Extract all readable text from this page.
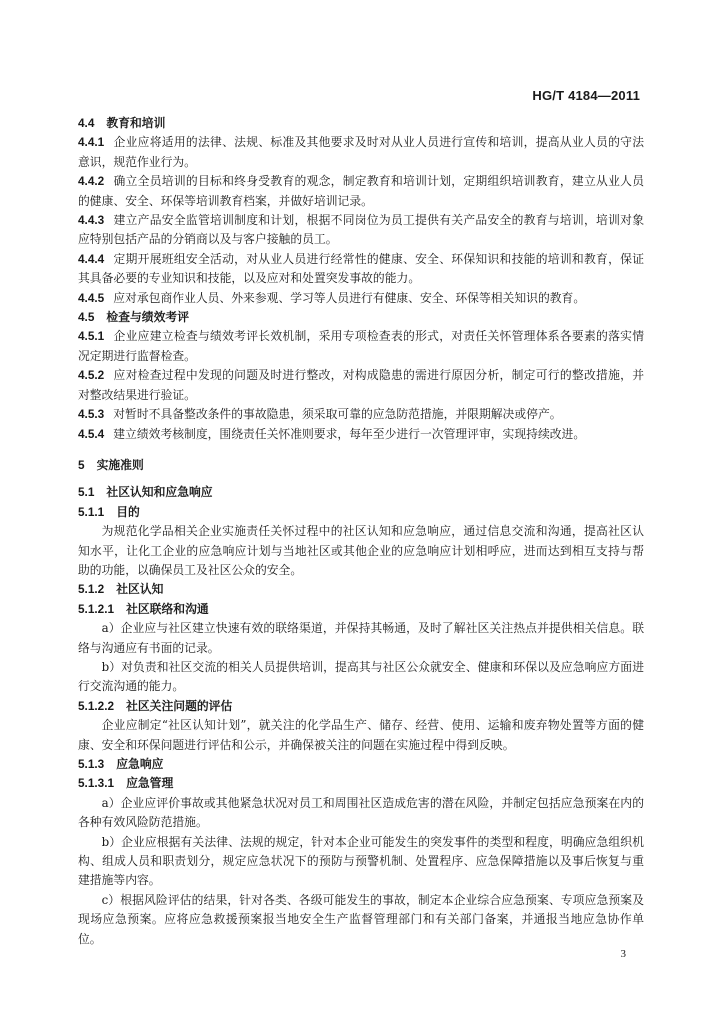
HG/T 4184—2011

4.4 教育和培训

4.4.1 企业应将适用的法律、法规、标准及其他要求及时对从业人员进行宣传和培训，提高从业人员的守法意识，规范作业行为。

4.4.2 确立全员培训的目标和终身受教育的观念，制定教育和培训计划，定期组织培训教育，建立从业人员的健康、安全、环保等培训教育档案，并做好培训记录。

4.4.3 建立产品安全监管培训制度和计划，根据不同岗位为员工提供有关产品安全的教育与培训，培训对象应特别包括产品的分销商以及与客户接触的员工。

4.4.4 定期开展班组安全活动，对从业人员进行经常性的健康、安全、环保知识和技能的培训和教育，保证其具备必要的专业知识和技能，以及应对和处置突发事故的能力。

4.4.5 应对承包商作业人员、外来参观、学习等人员进行有健康、安全、环保等相关知识的教育。

4.5 检查与绩效考评

4.5.1 企业应建立检查与绩效考评长效机制，采用专项检查表的形式，对责任关怀管理体系各要素的落实情况定期进行监督检查。

4.5.2 应对检查过程中发现的问题及时进行整改，对构成隐患的需进行原因分析，制定可行的整改措施，并对整改结果进行验证。

4.5.3 对暂时不具备整改条件的事故隐患，须采取可靠的应急防范措施，并限期解决或停产。

4.5.4 建立绩效考核制度，围绕责任关怀准则要求，每年至少进行一次管理评审，实现持续改进。

5 实施准则

5.1 社区认知和应急响应

5.1.1 目的

为规范化学品相关企业实施责任关怀过程中的社区认知和应急响应，通过信息交流和沟通，提高社区认知水平，让化工企业的应急响应计划与当地社区或其他企业的应急响应计划相呼应，进而达到相互支持与帮助的功能，以确保员工及社区公众的安全。

5.1.2 社区认知

5.1.2.1 社区联络和沟通

a）企业应与社区建立快速有效的联络渠道，并保持其畅通，及时了解社区关注热点并提供相关信息。联络与沟通应有书面的记录。

b）对负责和社区交流的相关人员提供培训，提高其与社区公众就安全、健康和环保以及应急响应方面进行交流沟通的能力。

5.1.2.2 社区关注问题的评估

企业应制定“社区认知计划”，就关注的化学品生产、储存、经营、使用、运输和废弃物处置等方面的健康、安全和环保问题进行评估和公示，并确保被关注的问题在实施过程中得到反映。

5.1.3 应急响应

5.1.3.1 应急管理

a）企业应评价事故或其他紧急状况对员工和周围社区造成危害的潜在风险，并制定包括应急预案在内的各种有效风险防范措施。

b）企业应根据有关法律、法规的规定，针对本企业可能发生的突发事件的类型和程度，明确应急组织机构、组成人员和职责划分，规定应急状况下的预防与预警机制、处置程序、应急保障措施以及事后恢复与重建措施等内容。

c）根据风险评估的结果，针对各类、各级可能发生的事故，制定本企业综合应急预案、专项应急预案及现场应急预案。应将应急救援预案报当地安全生产监督管理部门和有关部门备案，并通报当地应急协作单位。

3
